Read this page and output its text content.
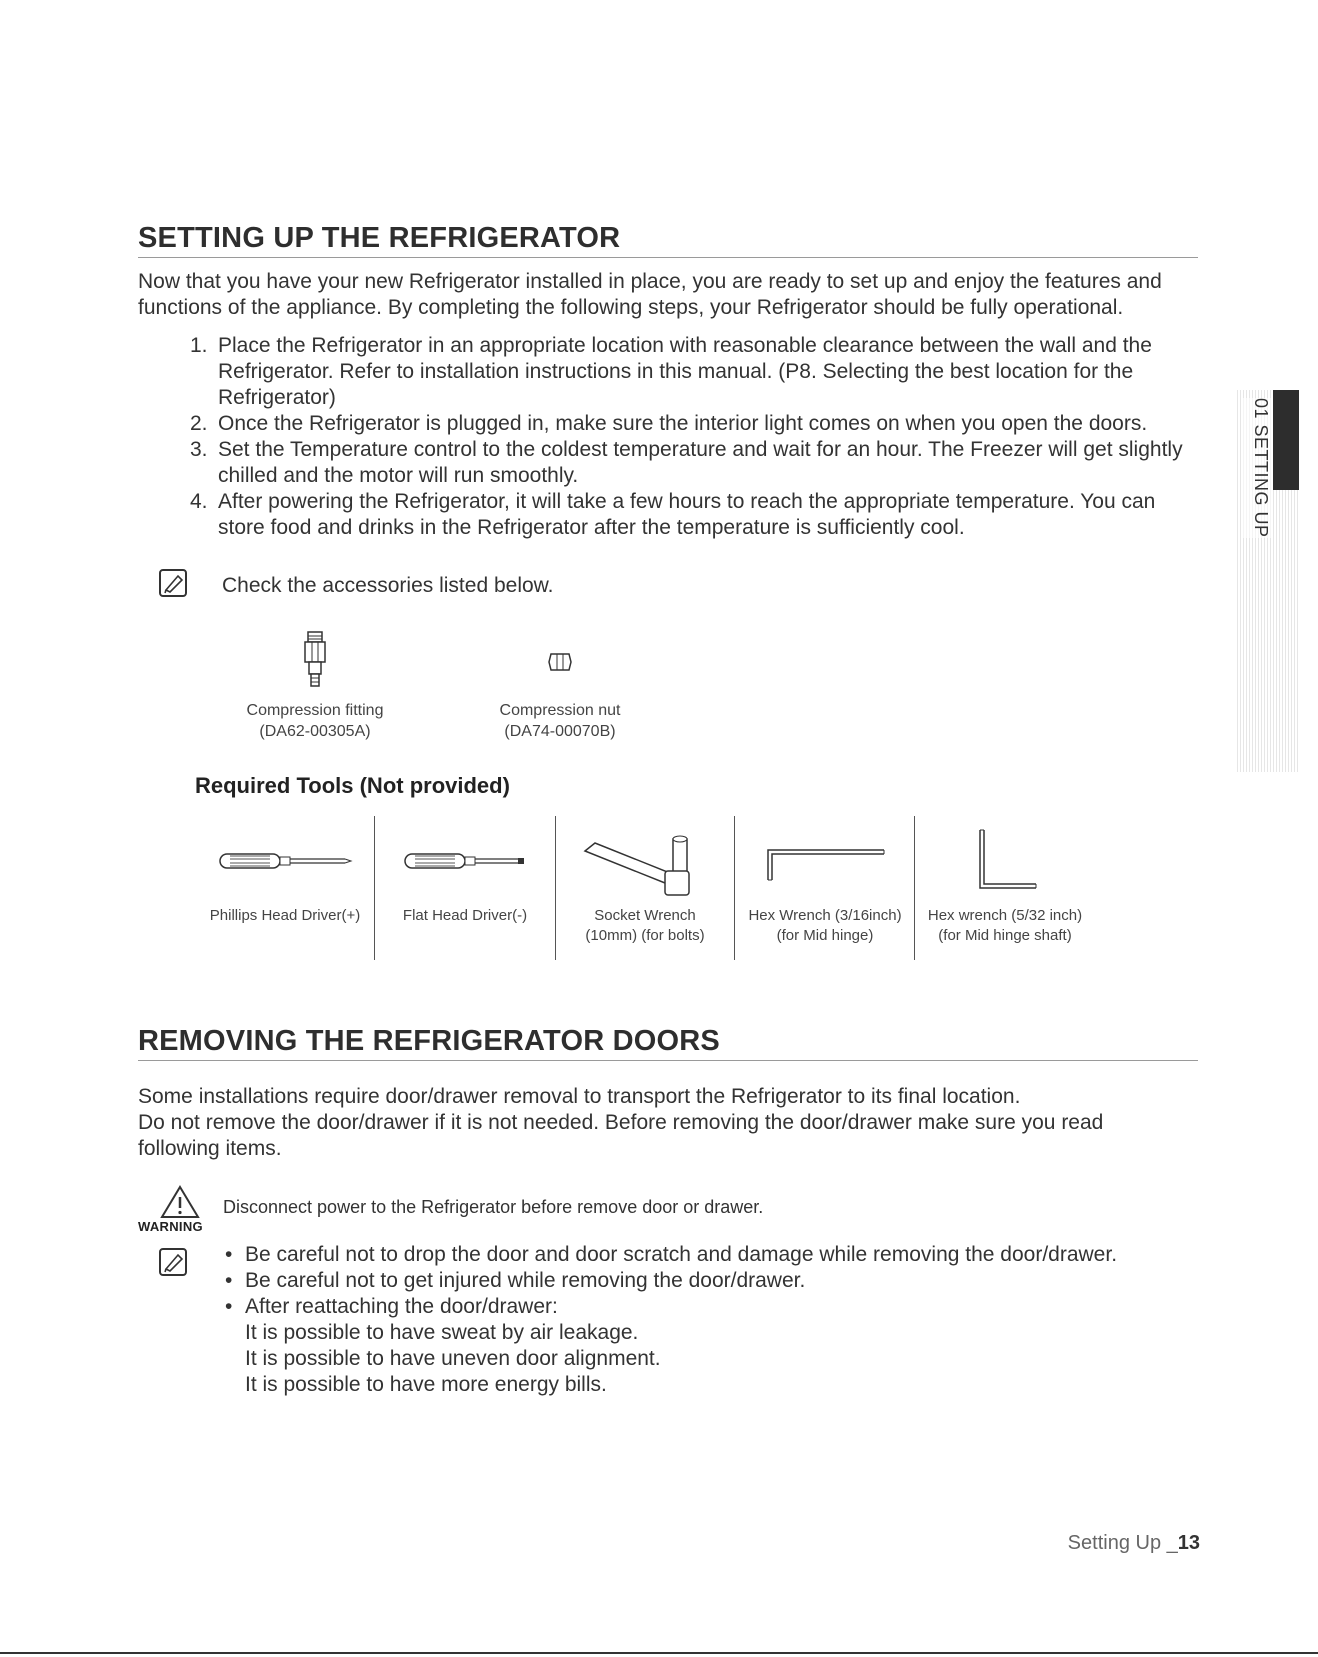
SETTING UP THE REFRIGERATOR
Now that you have your new Refrigerator installed in place, you are ready to set up and enjoy the features and
functions of the appliance. By completing the following steps, your Refrigerator should be fully operational.
1. Place the Refrigerator in an appropriate location with reasonable clearance between the wall and the
Refrigerator. Refer to installation instructions in this manual. (P8. Selecting the best location for the
Refrigerator)
2. Once the Refrigerator is plugged in, make sure the interior light comes on when you open the doors.
3. Set the Temperature control to the coldest temperature and wait for an hour. The Freezer will get slightly
chilled and the motor will run smoothly.
4. After powering the Refrigerator, it will take a few hours to reach the appropriate temperature. You can
store food and drinks in the Refrigerator after the temperature is sufficiently cool.
Check the accessories listed below.
Compression fitting
(DA62-00305A)
Compression nut
(DA74-00070B)
Required Tools (Not provided)
Phillips Head Driver(+)	Flat Head Driver(-)	Socket Wrench
(10mm) (for bolts)
Hex Wrench (3/16inch)
(for Mid hinge)
Hex wrench (5/32 inch)
(for Mid hinge shaft)
REMOVING THE REFRIGERATOR DOORS
Some installations require door/drawer removal to transport the Refrigerator to its final location.
Do not remove the door/drawer if it is not needed. Before removing the door/drawer make sure you read
following items.
WARNING
Disconnect power to the Refrigerator before remove door or drawer.
• Be careful not to drop the door and door scratch and damage while removing the door/drawer.
• Be careful not to get injured while removing the door/drawer.
• After reattaching the door/drawer:
It is possible to have sweat by air leakage.
It is possible to have uneven door alignment.
It is possible to have more energy bills.
01 SETTING UP
Setting Up _13
